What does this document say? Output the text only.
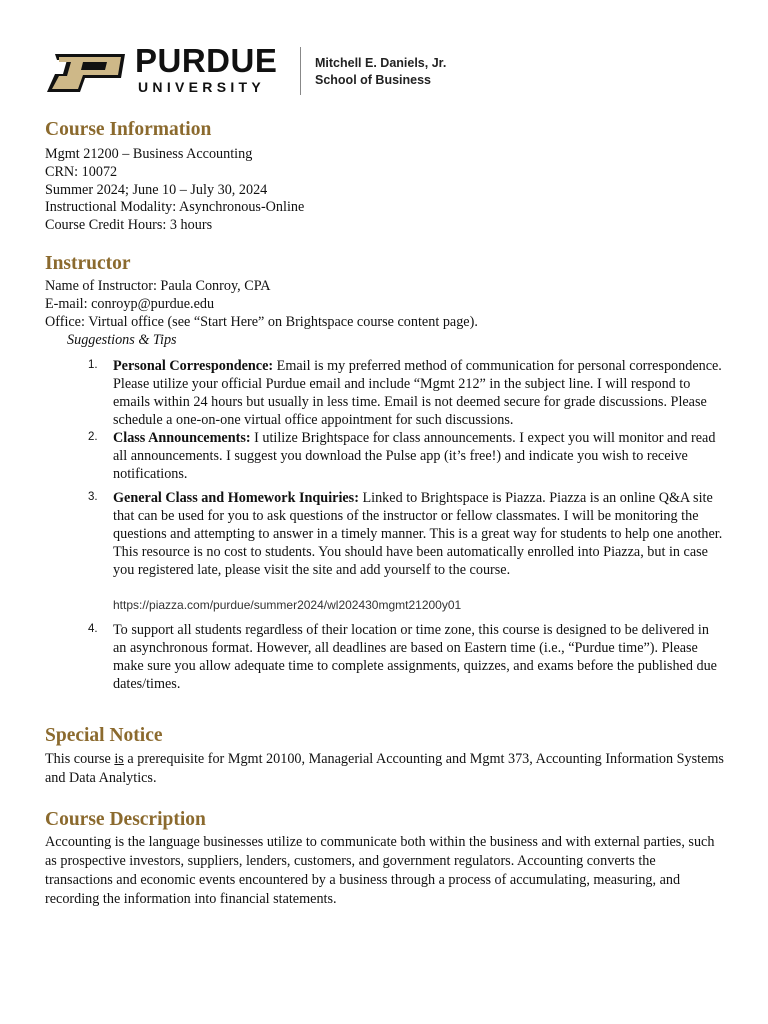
PURDUE
UNIVERSITY
Mitchell E. Daniels, Jr.
School of Business
Course Information
Mgmt 21200 – Business Accounting
CRN: 10072
Summer 2024; June 10 – July 30, 2024
Instructional Modality: Asynchronous-Online
Course Credit Hours: 3 hours
Instructor
Name of Instructor: Paula Conroy, CPA
E-mail: conroyp@purdue.edu
Office: Virtual office (see “Start Here” on Brightspace course content page).
Suggestions & Tips
1. Personal Correspondence: Email is my preferred method of communication for personal correspondence. Please utilize your official Purdue email and include “Mgmt 212” in the subject line. I will respond to emails within 24 hours but usually in less time. Email is not deemed secure for grade discussions. Please schedule a one-on-one virtual office appointment for such discussions.
2. Class Announcements: I utilize Brightspace for class announcements. I expect you will monitor and read all announcements. I suggest you download the Pulse app (it’s free!) and indicate you wish to receive notifications.
3. General Class and Homework Inquiries: Linked to Brightspace is Piazza. Piazza is an online Q&A site that can be used for you to ask questions of the instructor or fellow classmates. I will be monitoring the questions and attempting to answer in a timely manner. This is a great way for students to help one another. This resource is no cost to students. You should have been automatically enrolled into Piazza, but in case you registered late, please visit the site and add yourself to the course.
https://piazza.com/purdue/summer2024/wl202430mgmt21200y01
4. To support all students regardless of their location or time zone, this course is designed to be delivered in an asynchronous format. However, all deadlines are based on Eastern time (i.e., “Purdue time”). Please make sure you allow adequate time to complete assignments, quizzes, and exams before the published due dates/times.
Special Notice
This course is a prerequisite for Mgmt 20100, Managerial Accounting and Mgmt 373, Accounting Information Systems and Data Analytics.
Course Description
Accounting is the language businesses utilize to communicate both within the business and with external parties, such as prospective investors, suppliers, lenders, customers, and government regulators. Accounting converts the transactions and economic events encountered by a business through a process of accumulating, measuring, and recording the information into financial statements.
